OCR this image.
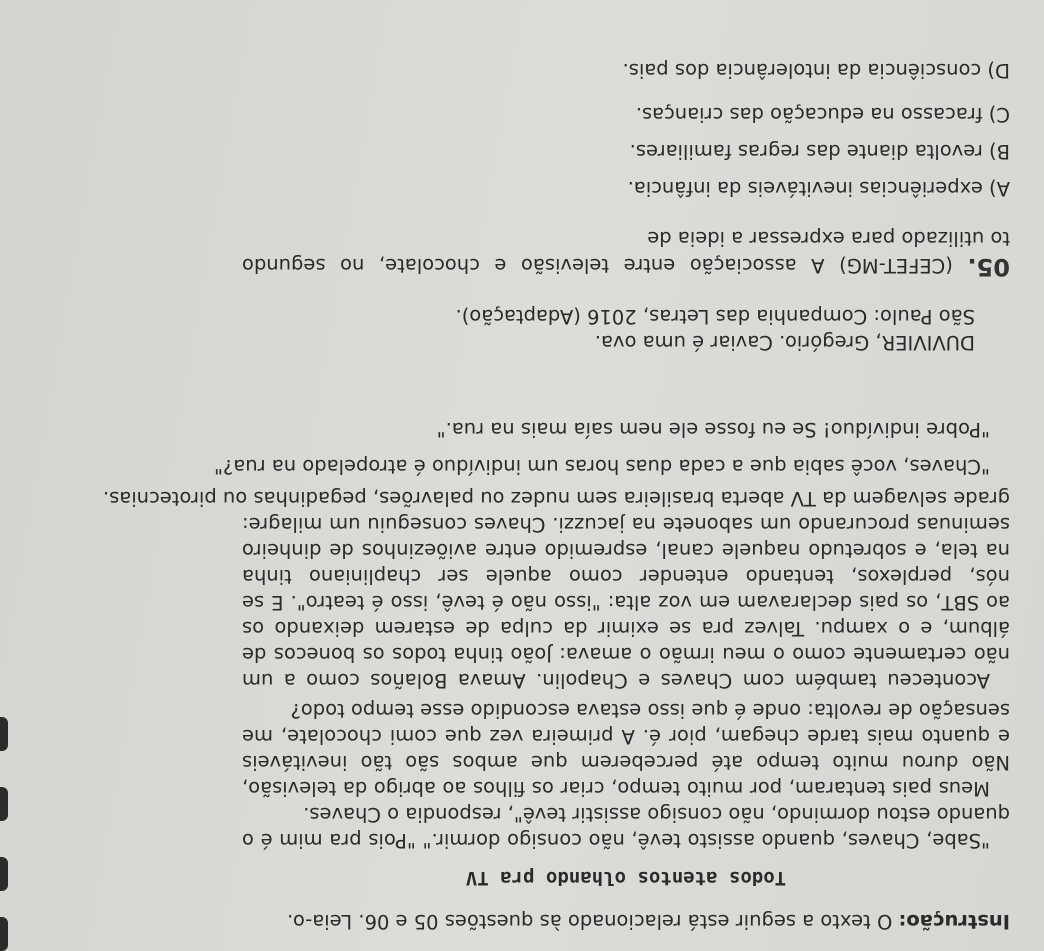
Instrução: O texto a seguir está relacionado às questões 05 e 06. Leia-o.
Todos atentos olhando pra TV
"Sabe, Chaves, quando assisto tevê, não consigo dormir." "Pois pra mim é o
quando estou dormindo, não consigo assistir tevê", respondia o Chaves.
Meus pais tentaram, por muito tempo, criar os filhos ao abrigo da televisão,
Não durou muito tempo até perceberem que ambos são tão inevitáveis
e quanto mais tarde chegam, pior é. A primeira vez que comi chocolate, me
sensação de revolta: onde é que isso estava escondido esse tempo todo?
Aconteceu também com Chaves e Chapolin. Amava Bolaños como a um
não certamente como o meu irmão o amava: João tinha todos os bonecos de
álbum, e o xampu. Talvez pra se eximir da culpa de estarem deixando os
ao SBT, os pais declaravam em voz alta: "isso não é tevê, isso é teatro". E se
nós, perplexos, tentando entender como aquele ser chapliniano tinha
na tela, e sobretudo naquele canal, espremido entre aviõezinhos de dinheiro
seminuas procurando um sabonete na jacuzzi. Chaves conseguiu um milagre:
grade selvagem da TV aberta brasileira sem nudez ou palavrões, pegadinhas ou pirotecnias.
"Chaves, você sabia que a cada duas horas um indivíduo é atropelado na rua?"
"Pobre indivíduo! Se eu fosse ele nem saía mais na rua."
DUVIVIER, Gregório. Caviar é uma ova.
São Paulo: Companhia das Letras, 2016 (Adaptação).
05. (CEFET-MG) A associação entre televisão e chocolate, no segundo
to utilizado para expressar a ideia de
A) experiências inevitáveis da infância.
B) revolta diante das regras familiares.
C) fracasso na educação das crianças.
D) consciência da intolerância dos pais.
